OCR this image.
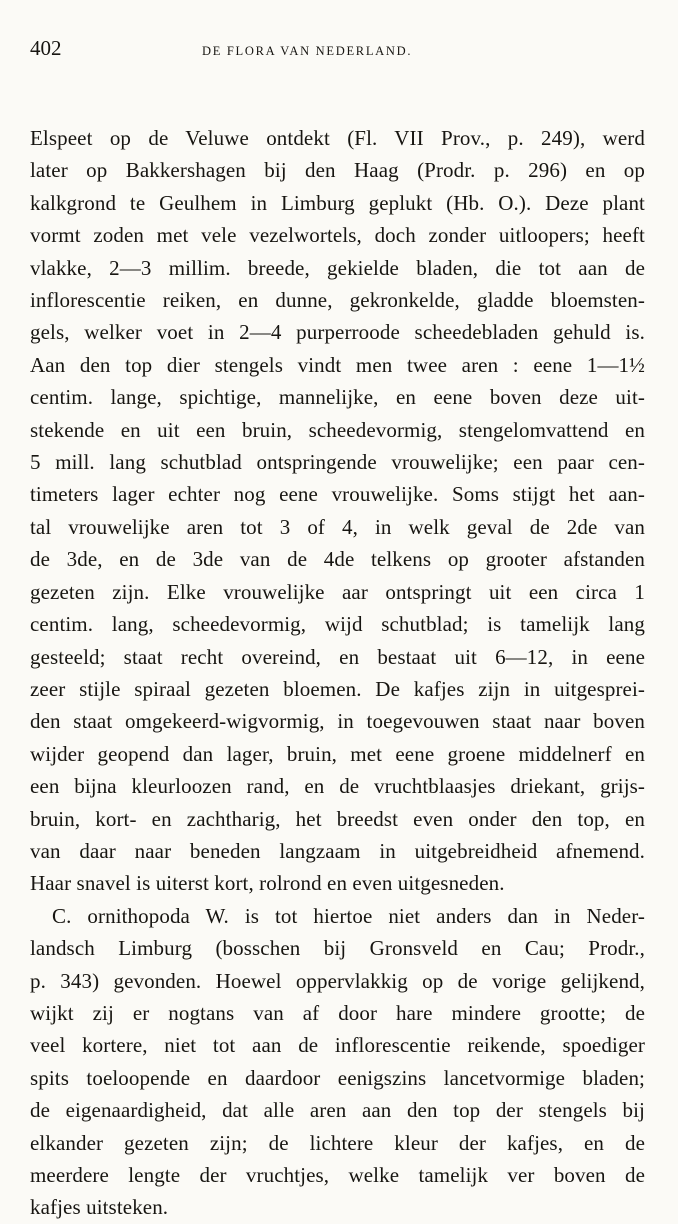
402	DE FLORA VAN NEDERLAND.
Elspeet op de Veluwe ontdekt (Fl. VII Prov., p. 249), werd
later op Bakkershagen bij den Haag (Prodr. p. 296) en op
kalkgrond te Geulhem in Limburg geplukt (Hb. O.). Deze plant
vormt zoden met vele vezelwortels, doch zonder uitloopers; heeft
vlakke, 2—3 millim. breede, gekielde bladen, die tot aan de
inflorescentie reiken, en dunne, gekronkelde, gladde bloemsten-
gels, welker voet in 2—4 purperroode scheedebladen gehuld is.
Aan den top dier stengels vindt men twee aren : eene 1—1½
centim. lange, spichtige, mannelijke, en eene boven deze uit-
stekende en uit een bruin, scheedevormig, stengelomvattend en
5 mill. lang schutblad ontspringende vrouwelijke; een paar cen-
timeters lager echter nog eene vrouwelijke. Soms stijgt het aan-
tal vrouwelijke aren tot 3 of 4, in welk geval de 2de van
de 3de, en de 3de van de 4de telkens op grooter afstanden
gezeten zijn. Elke vrouwelijke aar ontspringt uit een circa 1
centim. lang, scheedevormig, wijd schutblad; is tamelijk lang
gesteeld; staat recht overeind, en bestaat uit 6—12, in eene
zeer stijle spiraal gezeten bloemen. De kafjes zijn in uitgesprei-
den staat omgekeerd-wigvormig, in toegevouwen staat naar boven
wijder geopend dan lager, bruin, met eene groene middelnerf en
een bijna kleurloozen rand, en de vruchtblaasjes driekant, grijs-
bruin, kort- en zachtharig, het breedst even onder den top, en
van daar naar beneden langzaam in uitgebreidheid afnemend.
Haar snavel is uiterst kort, rolrond en even uitgesneden.
C. ornithopoda W. is tot hiertoe niet anders dan in Neder-
landsch Limburg (bosschen bij Gronsveld en Cau; Prodr.,
p. 343) gevonden. Hoewel oppervlakkig op de vorige gelijkend,
wijkt zij er nogtans van af door hare mindere grootte; de
veel kortere, niet tot aan de inflorescentie reikende, spoediger
spits toeloopende en daardoor eenigszins lancetvormige bladen;
de eigenaardigheid, dat alle aren aan den top der stengels bij
elkander gezeten zijn; de lichtere kleur der kafjes, en de
meerdere lengte der vruchtjes, welke tamelijk ver boven de
kafjes uitsteken.
